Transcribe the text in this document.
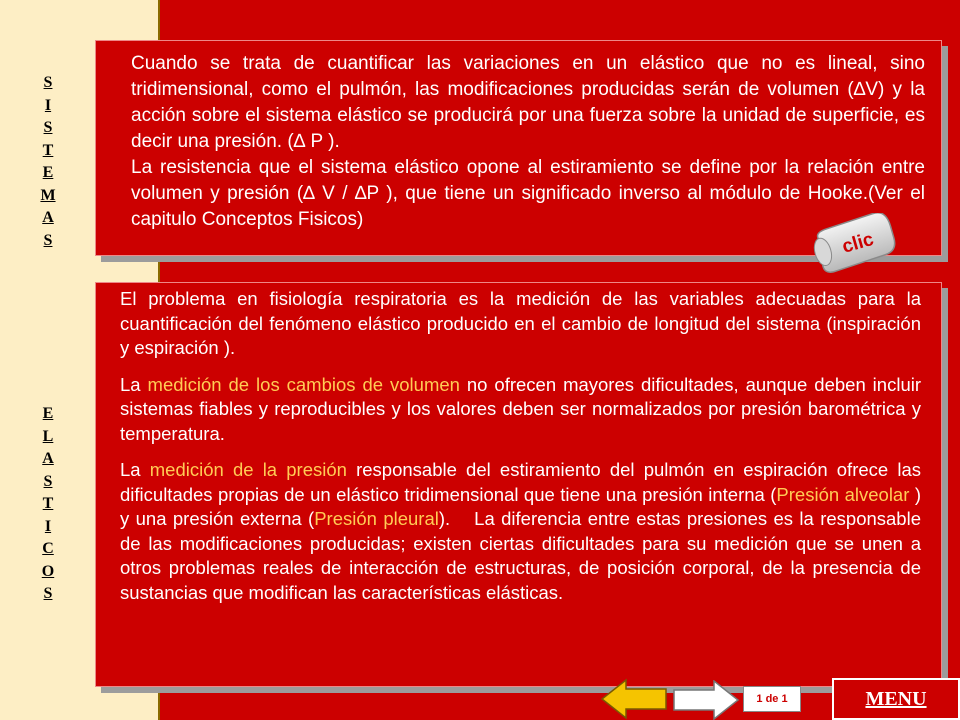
S
I
S
T
E
M
A
S
E
L
A
S
T
I
C
O
S

Cuando se trata de cuantificar las variaciones en un elástico que no es lineal, sino tridimensional, como el pulmón, las modificaciones producidas serán de volumen (∆V) y la acción sobre el sistema elástico se producirá por una fuerza sobre la unidad de superficie, es decir una presión. (∆ P ).

La resistencia que el sistema elástico opone al estiramiento se define por la relación entre volumen y presión (∆ V / ∆P ), que tiene un significado inverso al módulo de Hooke.(Ver el capitulo Conceptos Fisicos)

clic

El problema en fisiología respiratoria es la medición de las variables adecuadas para la cuantificación del fenómeno elástico producido en el cambio de longitud del sistema (inspiración y espiración ).

La medición de los cambios de volumen no ofrecen mayores dificultades, aunque deben incluir sistemas fiables y reproducibles y los valores deben ser normalizados por presión barométrica y temperatura.

La medición de la presión responsable del estiramiento del pulmón en espiración ofrece las dificultades propias de un elástico tridimensional que tiene una presión interna (Presión alveolar ) y una presión externa (Presión pleural). La diferencia entre estas presiones es la responsable de las modificaciones producidas; existen ciertas dificultades para su medición que se unen a otros problemas reales de interacción de estructuras, de posición corporal, de la presencia de sustancias que modifican las características elásticas.

1 de 1	MENU
